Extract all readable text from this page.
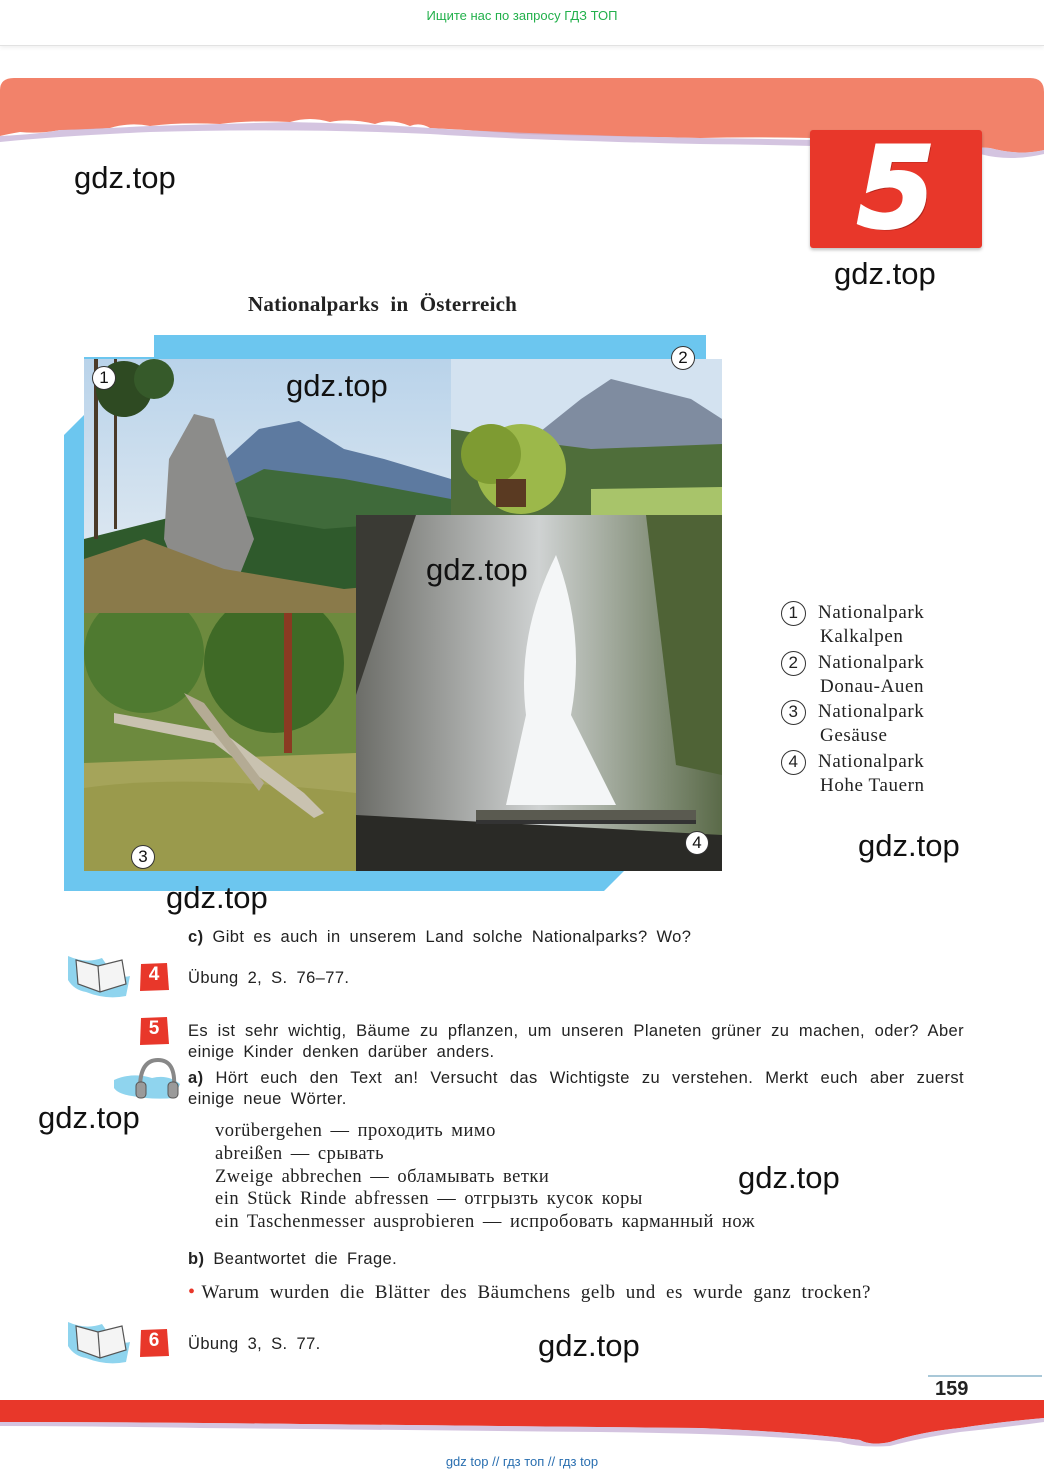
Ищите нас по запросу ГДЗ ТОП
5
gdz.top
gdz.top
gdz.top
gdz.top
gdz.top
gdz.top
gdz.top
gdz.top
gdz.top
Nationalparks in Österreich
1
2
3
4
1	Nationalpark
Kalkalpen
2	Nationalpark
Donau-Auen
3	Nationalpark
Gesäuse
4	Nationalpark
Hohe Tauern
c) Gibt es auch in unserem Land solche Nationalparks? Wo?
4	Übung 2, S. 76–77.
5	Es ist sehr wichtig, Bäume zu pflanzen, um unseren Planeten grüner zu machen, oder? Aber einige Kinder denken darüber anders.
a) Hört euch den Text an! Versucht das Wichtigste zu verstehen. Merkt euch aber zuerst einige neue Wörter.
vorübergehen — проходить мимо
abreißen — срывать
Zweige abbrechen — обламывать ветки
ein Stück Rinde abfressen — отгрызть кусок коры
ein Taschenmesser ausprobieren — испробовать карманный нож
b) Beantwortet die Frage.
• Warum wurden die Blätter des Bäumchens gelb und es wurde ganz trocken?
6	Übung 3, S. 77.
159
gdz top // гдз топ // гдз top
